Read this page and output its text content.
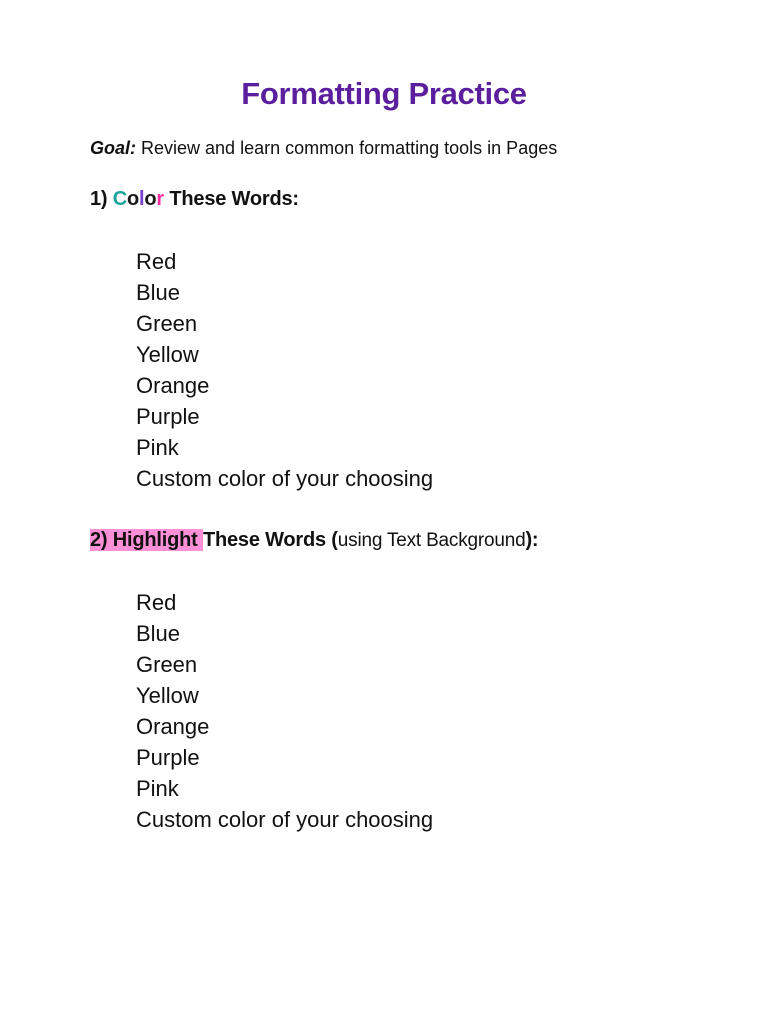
Formatting Practice
Goal: Review and learn common formatting tools in Pages
1) Color These Words:
Red
Blue
Green
Yellow
Orange
Purple
Pink
Custom color of your choosing
2) Highlight These Words (using Text Background):
Red
Blue
Green
Yellow
Orange
Purple
Pink
Custom color of your choosing
